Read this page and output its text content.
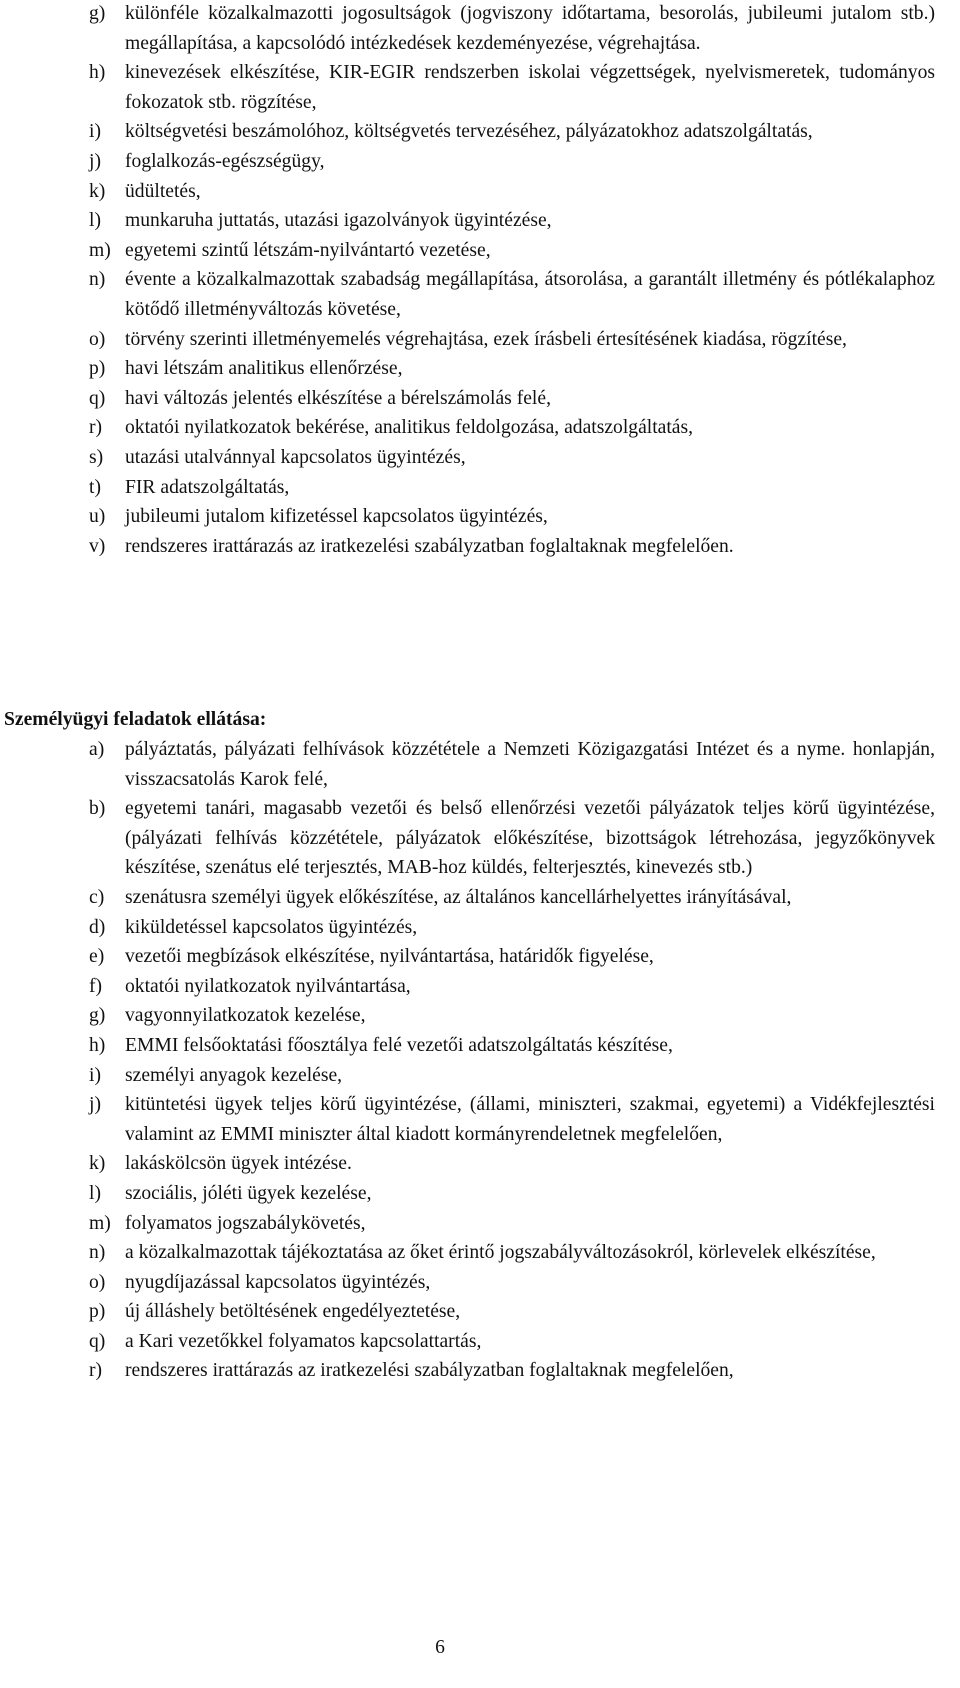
g)	különféle közalkalmazotti jogosultságok (jogviszony időtartama, besorolás, jubileumi jutalom stb.) megállapítása, a kapcsolódó intézkedések kezdeményezése, végrehajtása.
h)	kinevezések elkészítése, KIR-EGIR rendszerben iskolai végzettségek, nyelvismeretek, tudományos fokozatok stb. rögzítése,
i)	költségvetési beszámolóhoz, költségvetés tervezéséhez, pályázatokhoz adatszolgáltatás,
j)	foglalkozás-egészségügy,
k)	üdültetés,
l)	munkaruha juttatás, utazási igazolványok ügyintézése,
m) egyetemi szintű létszám-nyilvántartó vezetése,
n)	évente a közalkalmazottak szabadság megállapítása, átsorolása, a garantált illetmény és pótlékalaphoz kötődő illetményváltozás követése,
o)	törvény szerinti illetményemelés végrehajtása, ezek írásbeli értesítésének kiadása, rögzítése,
p)	havi létszám analitikus ellenőrzése,
q)	havi változás jelentés elkészítése a bérelszámolás felé,
r)	oktatói nyilatkozatok bekérése, analitikus feldolgozása, adatszolgáltatás,
s)	utazási utalvánnyal kapcsolatos ügyintézés,
t)	FIR adatszolgáltatás,
u)	jubileumi jutalom kifizetéssel kapcsolatos ügyintézés,
v)	rendszeres irattárazás az iratkezelési szabályzatban foglaltaknak megfelelően.
Személyügyi feladatok ellátása:
a)	pályáztatás, pályázati felhívások közzététele a Nemzeti Közigazgatási Intézet és a nyme. honlapján, visszacsatolás Karok felé,
b)	egyetemi tanári, magasabb vezetői és belső ellenőrzési vezetői pályázatok teljes körű ügyintézése, (pályázati felhívás közzététele, pályázatok előkészítése, bizottságok létrehozása, jegyzőkönyvek készítése, szenátus elé terjesztés, MAB-hoz küldés, felterjesztés, kinevezés stb.)
c)	szenátusra személyi ügyek előkészítése, az általános kancellárhelyettes irányításával,
d)	kiküldetéssel kapcsolatos ügyintézés,
e)	vezetői megbízások elkészítése, nyilvántartása, határidők figyelése,
f)	oktatói nyilatkozatok nyilvántartása,
g)	vagyonnyilatkozatok kezelése,
h)	EMMI felsőoktatási főosztálya felé vezetői adatszolgáltatás készítése,
i)	személyi anyagok kezelése,
j)	kitüntetési ügyek teljes körű ügyintézése, (állami, miniszteri, szakmai, egyetemi) a Vidékfejlesztési valamint az EMMI miniszter által kiadott kormányrendeletnek megfelelően,
k)	lakáskölcsön ügyek intézése.
l)	szociális, jóléti ügyek kezelése,
m) folyamatos jogszabálykövetés,
n)	a közalkalmazottak tájékoztatása az őket érintő jogszabályváltozásokról, körlevelek elkészítése,
o)	nyugdíjazással kapcsolatos ügyintézés,
p)	új álláshely betöltésének engedélyeztetése,
q)	a Kari vezetőkkel folyamatos kapcsolattartás,
r)	rendszeres irattárazás az iratkezelési szabályzatban foglaltaknak megfelelően,
6
